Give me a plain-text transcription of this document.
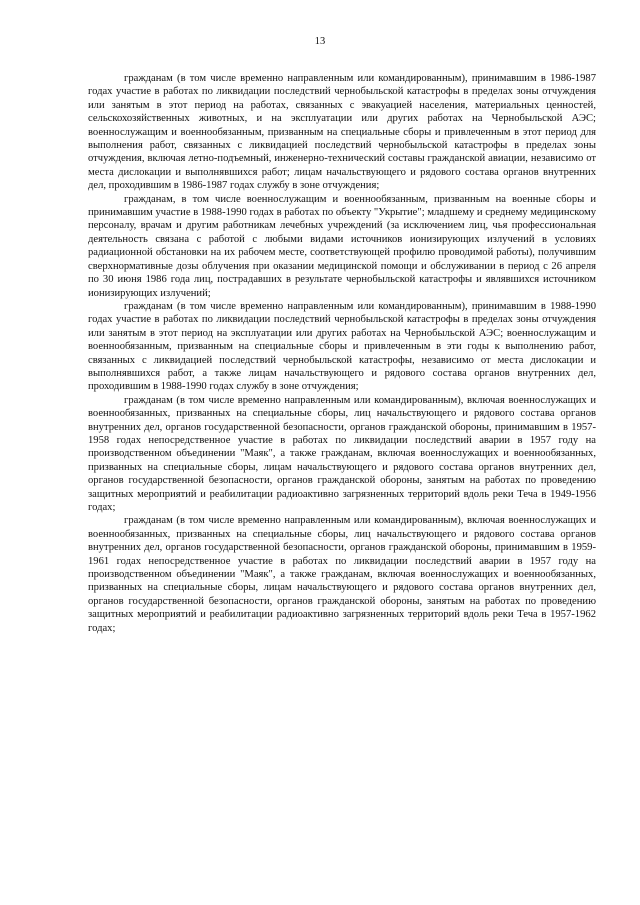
13

гражданам (в том числе временно направленным или командированным), принимавшим в 1986-1987 годах участие в работах по ликвидации последствий чернобыльской катастрофы в пределах зоны отчуждения или занятым в этот период на работах, связанных с эвакуацией населения, материальных ценностей, сельскохозяйственных животных, и на эксплуатации или других работах на Чернобыльской АЭС; военнослужащим и военнообязанным, призванным на специальные сборы и привлеченным в этот период для выполнения работ, связанных с ликвидацией последствий чернобыльской катастрофы в пределах зоны отчуждения, включая летно-подъемный, инженерно-технический составы гражданской авиации, независимо от места дислокации и выполнявшихся работ; лицам начальствующего и рядового состава органов внутренних дел, проходившим в 1986-1987 годах службу в зоне отчуждения;

гражданам, в том числе военнослужащим и военнообязанным, призванным на военные сборы и принимавшим участие в 1988-1990 годах в работах по объекту "Укрытие"; младшему и среднему медицинскому персоналу, врачам и другим работникам лечебных учреждений (за исключением лиц, чья профессиональная деятельность связана с работой с любыми видами источников ионизирующих излучений в условиях радиационной обстановки на их рабочем месте, соответствующей профилю проводимой работы), получившим сверхнормативные дозы облучения при оказании медицинской помощи и обслуживании в период с 26 апреля по 30 июня 1986 года лиц, пострадавших в результате чернобыльской катастрофы и являвшихся источником ионизирующих излучений;

гражданам (в том числе временно направленным или командированным), принимавшим в 1988-1990 годах участие в работах по ликвидации последствий чернобыльской катастрофы в пределах зоны отчуждения или занятым в этот период на эксплуатации или других работах на Чернобыльской АЭС; военнослужащим и военнообязанным, призванным на специальные сборы и привлеченным в эти годы к выполнению работ, связанных с ликвидацией последствий чернобыльской катастрофы, независимо от места дислокации и выполнявшихся работ, а также лицам начальствующего и рядового состава органов внутренних дел, проходившим в 1988-1990 годах службу в зоне отчуждения;

гражданам (в том числе временно направленным или командированным), включая военнослужащих и военнообязанных, призванных на специальные сборы, лиц начальствующего и рядового состава органов внутренних дел, органов государственной безопасности, органов гражданской обороны, принимавшим в 1957-1958 годах непосредственное участие в работах по ликвидации последствий аварии в 1957 году на производственном объединении "Маяк", а также гражданам, включая военнослужащих и военнообязанных, призванных на специальные сборы, лицам начальствующего и рядового состава органов внутренних дел, органов государственной безопасности, органов гражданской обороны, занятым на работах по проведению защитных мероприятий и реабилитации радиоактивно загрязненных территорий вдоль реки Теча в 1949-1956 годах;

гражданам (в том числе временно направленным или командированным), включая военнослужащих и военнообязанных, призванных на специальные сборы, лиц начальствующего и рядового состава органов внутренних дел, органов государственной безопасности, органов гражданской обороны, принимавшим в 1959-1961 годах непосредственное участие в работах по ликвидации последствий аварии в 1957 году на производственном объединении "Маяк", а также гражданам, включая военнослужащих и военнообязанных, призванных на специальные сборы, лицам начальствующего и рядового состава органов внутренних дел, органов государственной безопасности, органов гражданской обороны, занятым на работах по проведению защитных мероприятий и реабилитации радиоактивно загрязненных территорий вдоль реки Теча в 1957-1962 годах;
